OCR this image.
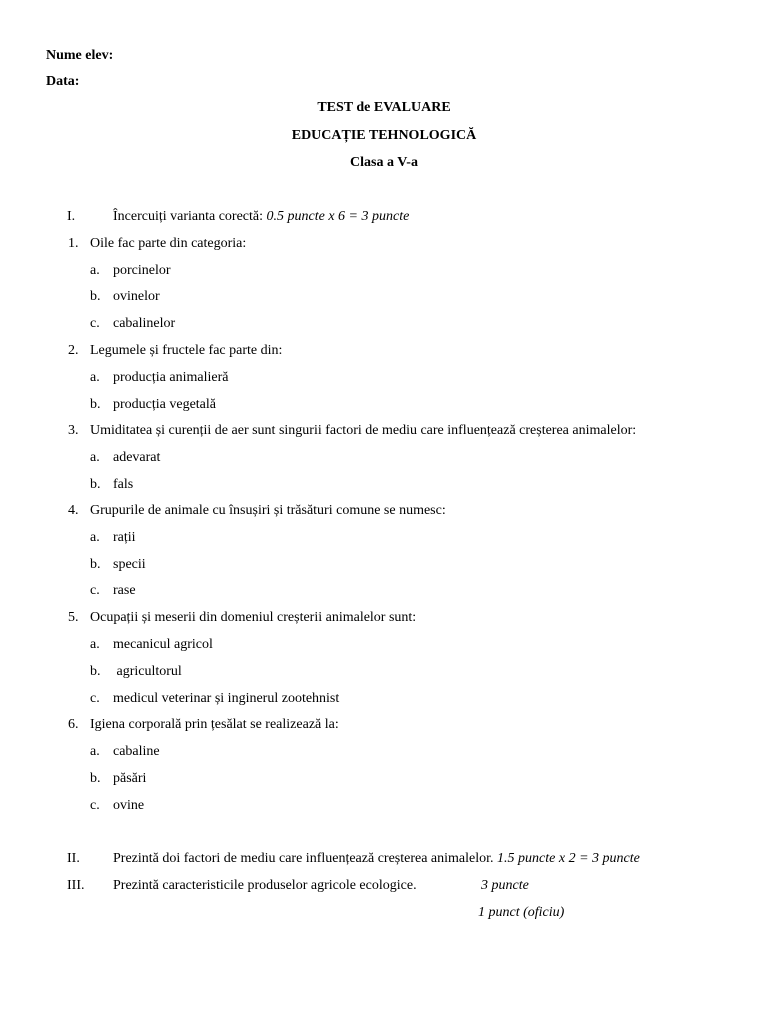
Nume elev:
Data:
TEST de EVALUARE
EDUCAȚIE TEHNOLOGICĂ
Clasa a V-a
I.	Încercuiți varianta corectă: 0.5 puncte x 6 = 3 puncte
1. Oile fac parte din categoria:
a. porcinelor
b. ovinelor
c. cabalinelor
2. Legumele și fructele fac parte din:
a. producția animalieră
b. producția vegetală
3. Umiditatea și curenții de aer sunt singurii factori de mediu care influențează creșterea animalelor:
a. adevarat
b. fals
4. Grupurile de animale cu însușiri și trăsături comune se numesc:
a. rații
b. specii
c. rase
5. Ocupații și meserii din domeniul creșterii animalelor sunt:
a. mecanicul agricol
b. agricultorul
c. medicul veterinar și inginerul zootehnist
6. Igiena corporală prin țesălat se realizează la:
a. cabaline
b. păsări
c. ovine
II. Prezintă doi factori de mediu care influențează creșterea animalelor. 1.5 puncte x 2 = 3 puncte
III. Prezintă caracteristicile produselor agricole ecologice.	3 puncte
1 punct (oficiu)
